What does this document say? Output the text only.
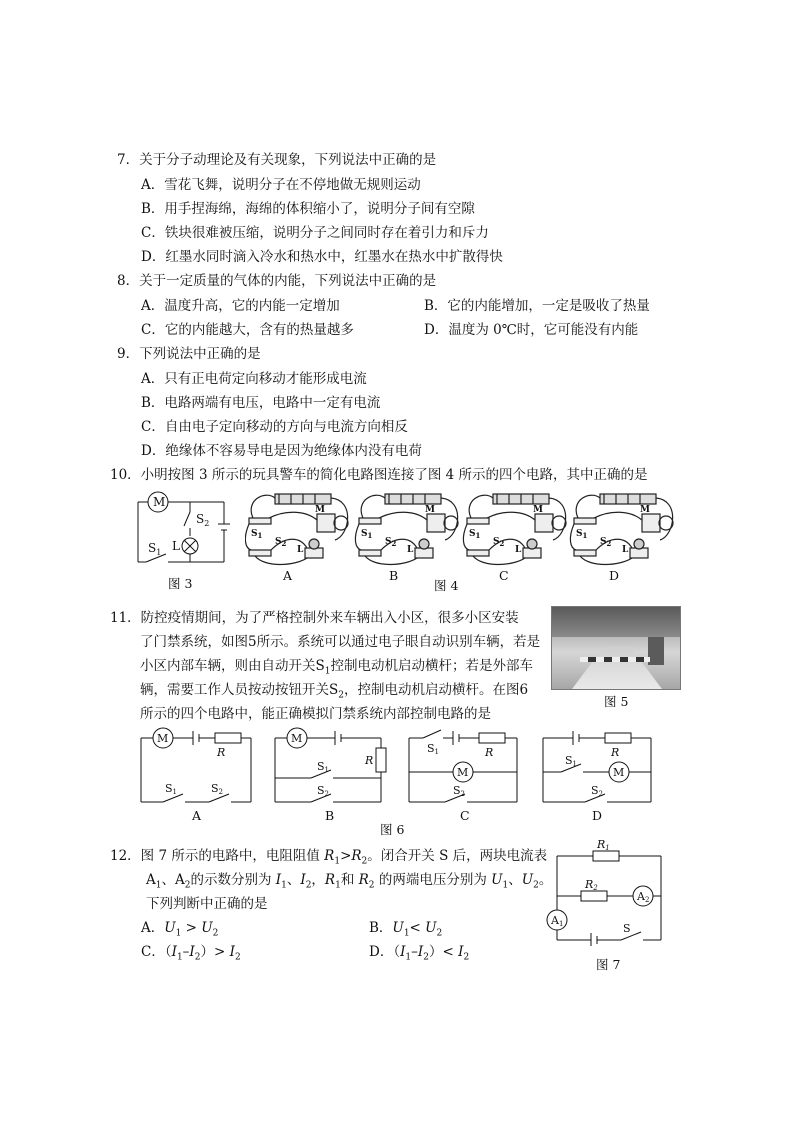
7．关于分子动理论及有关现象，下列说法中正确的是
A．雪花飞舞，说明分子在不停地做无规则运动
B．用手捏海绵，海绵的体积缩小了，说明分子间有空隙
C．铁块很难被压缩，说明分子之间同时存在着引力和斥力
D．红墨水同时滴入冷水和热水中，红墨水在热水中扩散得快
8．关于一定质量的气体的内能，下列说法中正确的是
A．温度升高，它的内能一定增加	B．它的内能增加，一定是吸收了热量
C．它的内能越大，含有的热量越多	D．温度为 0℃时，它可能没有内能
9．下列说法中正确的是
A．只有正电荷定向移动才能形成电流
B．电路两端有电压，电路中一定有电流
C．自由电子定向移动的方向与电流方向相反
D．绝缘体不容易导电是因为绝缘体内没有电荷
10．小明按图 3 所示的玩具警车的简化电路图连接了图 4 所示的四个电路，其中正确的是
M
$S_2$
L
$S_1$
图 3
$S_1$
$S_2$
M
L
$S_1$
$S_2$
M
L
$S_1$
$S_2$
M
L
$S_1$
$S_2$
M
L
A	B	C	D
图 4
11．防控疫情期间，为了严格控制外来车辆出入小区，很多小区安装
了门禁系统，如图5所示。系统可以通过电子眼自动识别车辆，若是
小区内部车辆，则由自动开关$S_1$控制电动机启动横杆；若是外部车
辆，需要工作人员按动按钮开关$S_2$，控制电动机启动横杆。在图6
所示的四个电路中，能正确模拟门禁系统内部控制电路的是
图 5
M
R
S1	S2
M
R
S1
S2
S1	R
M
S2
R
S1
M
S2
A	B	C	D
图 6
12．图 7 所示的电路中，电阻阻值 $R_1>R_2$。闭合开关 S 后，两块电流表
$A_1$、$A_2$的示数分别为 $I_1$、$I_2$，$R_1$和 $R_2$ 的两端电压分别为 $U_1$、$U_2$。
下列判断中正确的是
A．$U_1 > U_2$	B．$U_1< U_2$
C．$(I_1-I_2)> I_2$	D．$(I_1-I_2)< I_2$
R1
R2
A2
A1	S
图 7
